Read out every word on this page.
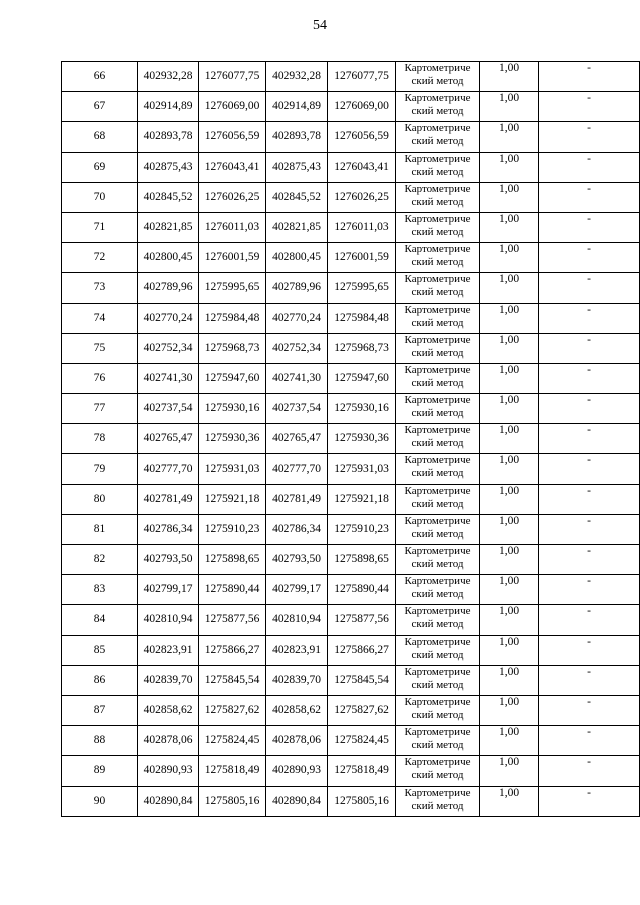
54
66	402932,28	1276077,75	402932,28	1276077,75	Картометриче
ский метод	1,00	-
67	402914,89	1276069,00	402914,89	1276069,00	Картометриче
ский метод	1,00	-
68	402893,78	1276056,59	402893,78	1276056,59	Картометриче
ский метод	1,00	-
69	402875,43	1276043,41	402875,43	1276043,41	Картометриче
ский метод	1,00	-
70	402845,52	1276026,25	402845,52	1276026,25	Картометриче
ский метод	1,00	-
71	402821,85	1276011,03	402821,85	1276011,03	Картометриче
ский метод	1,00	-
72	402800,45	1276001,59	402800,45	1276001,59	Картометриче
ский метод	1,00	-
73	402789,96	1275995,65	402789,96	1275995,65	Картометриче
ский метод	1,00	-
74	402770,24	1275984,48	402770,24	1275984,48	Картометриче
ский метод	1,00	-
75	402752,34	1275968,73	402752,34	1275968,73	Картометриче
ский метод	1,00	-
76	402741,30	1275947,60	402741,30	1275947,60	Картометриче
ский метод	1,00	-
77	402737,54	1275930,16	402737,54	1275930,16	Картометриче
ский метод	1,00	-
78	402765,47	1275930,36	402765,47	1275930,36	Картометриче
ский метод	1,00	-
79	402777,70	1275931,03	402777,70	1275931,03	Картометриче
ский метод	1,00	-
80	402781,49	1275921,18	402781,49	1275921,18	Картометриче
ский метод	1,00	-
81	402786,34	1275910,23	402786,34	1275910,23	Картометриче
ский метод	1,00	-
82	402793,50	1275898,65	402793,50	1275898,65	Картометриче
ский метод	1,00	-
83	402799,17	1275890,44	402799,17	1275890,44	Картометриче
ский метод	1,00	-
84	402810,94	1275877,56	402810,94	1275877,56	Картометриче
ский метод	1,00	-
85	402823,91	1275866,27	402823,91	1275866,27	Картометриче
ский метод	1,00	-
86	402839,70	1275845,54	402839,70	1275845,54	Картометриче
ский метод	1,00	-
87	402858,62	1275827,62	402858,62	1275827,62	Картометриче
ский метод	1,00	-
88	402878,06	1275824,45	402878,06	1275824,45	Картометриче
ский метод	1,00	-
89	402890,93	1275818,49	402890,93	1275818,49	Картометриче
ский метод	1,00	-
90	402890,84	1275805,16	402890,84	1275805,16	Картометриче
ский метод	1,00	-
